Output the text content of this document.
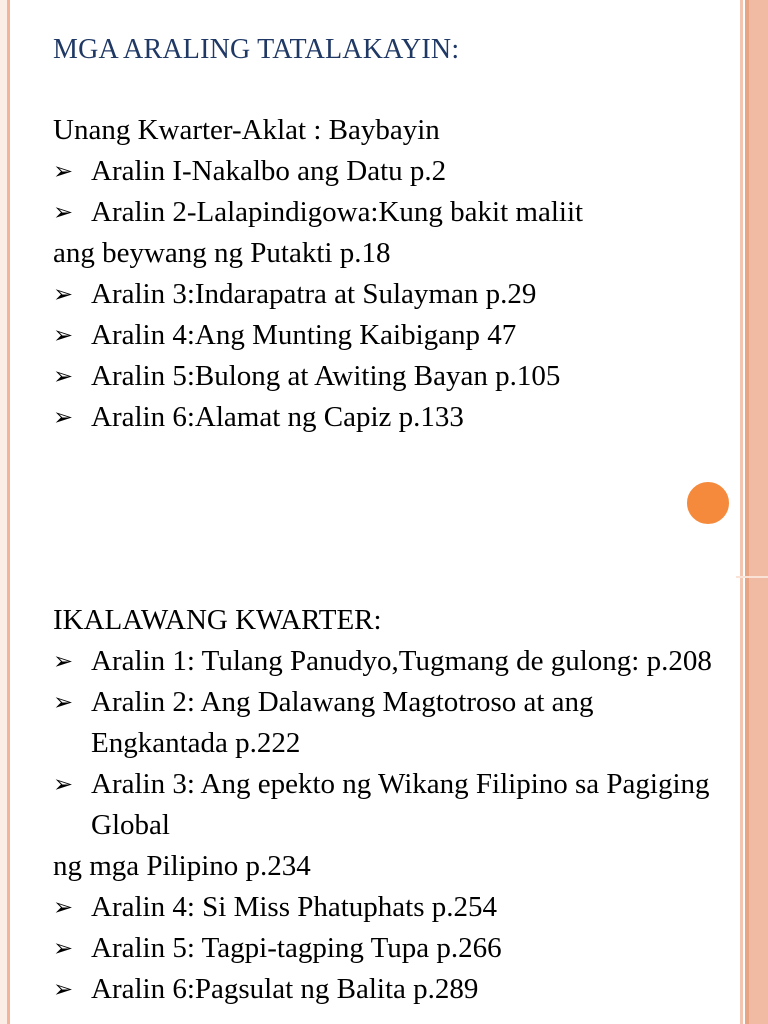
MGA ARALING TATALAKAYIN:

Unang Kwarter-Aklat : Baybayin

➢ Aralin I-Nakalbo ang Datu p.2

➢ Aralin 2-Lalapindigowa:Kung bakit maliit

ang beywang ng Putakti p.18

➢ Aralin 3:Indarapatra at Sulayman p.29

➢ Aralin 4:Ang Munting Kaibiganp 47

➢ Aralin 5:Bulong at Awiting Bayan p.105

➢ Aralin 6:Alamat ng Capiz p.133

IKALAWANG KWARTER:

➢ Aralin 1: Tulang Panudyo,Tugmang de gulong: p.208

➢ Aralin 2: Ang Dalawang Magtotroso at ang Engkantada p.222

➢ Aralin 3: Ang epekto ng Wikang Filipino sa Pagiging Global

ng mga Pilipino p.234

➢ Aralin 4: Si Miss Phatuphats p.254

➢ Aralin 5: Tagpi-tagping Tupa p.266

➢ Aralin 6:Pagsulat ng Balita p.289
